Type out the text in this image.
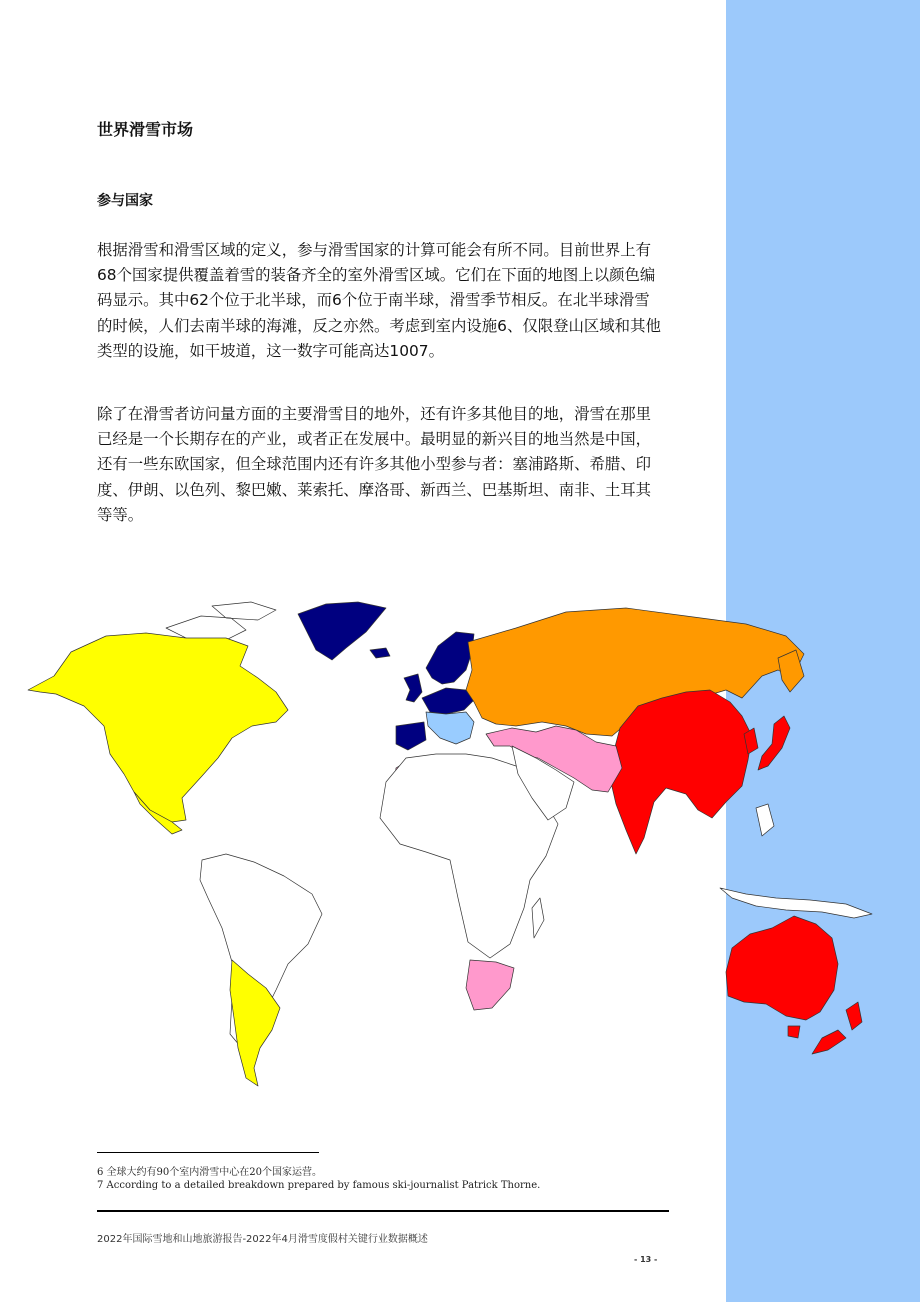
世界滑雪市场
参与国家

根据滑雪和滑雪区域的定义，参与滑雪国家的计算可能会有所不同。目前世界上有68个国家提供覆盖着雪的装备齐全的室外滑雪区域。它们在下面的地图上以颜色编码显示。其中62个位于北半球，而6个位于南半球，滑雪季节相反。在北半球滑雪的时候，人们去南半球的海滩，反之亦然。考虑到室内设施6、仅限登山区域和其他类型的设施，如干坡道，这一数字可能高达1007。

除了在滑雪者访问量方面的主要滑雪目的地外，还有许多其他目的地，滑雪在那里已经是一个长期存在的产业，或者正在发展中。最明显的新兴目的地当然是中国，还有一些东欧国家，但全球范围内还有许多其他小型参与者：塞浦路斯、希腊、印度、伊朗、以色列、黎巴嫩、莱索托、摩洛哥、新西兰、巴基斯坦、南非、土耳其等等。

6 全球大约有90个室内滑雪中心在20个国家运营。

7 According to a detailed breakdown prepared by famous ski-journalist Patrick Thorne.

2022年国际雪地和山地旅游报告-2022年4月滑雪度假村关键行业数据概述
- 13 -
